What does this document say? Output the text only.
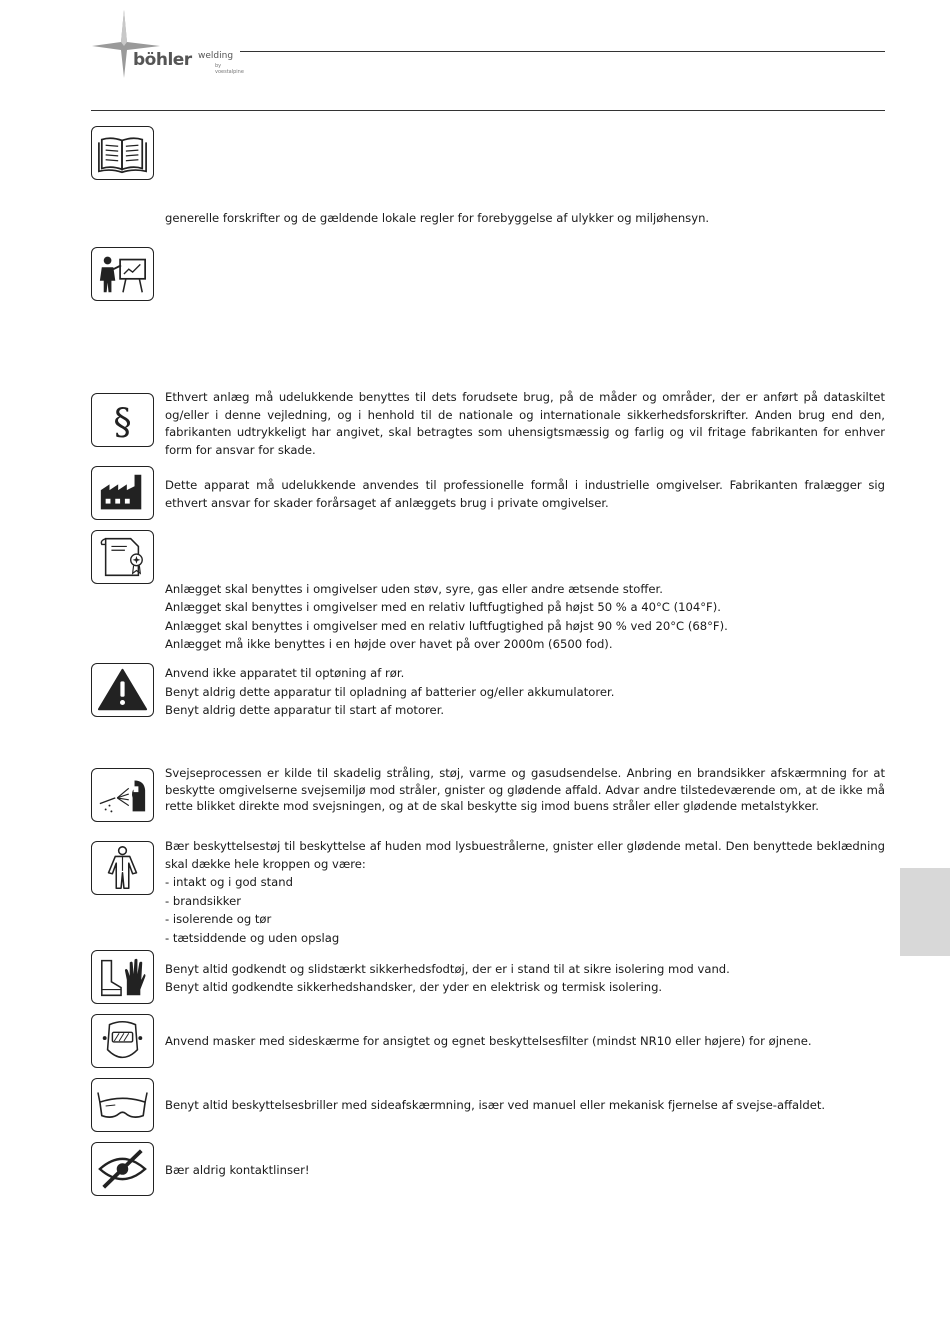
böhler welding
by voestalpine

generelle forskrifter og de gældende lokale regler for forebyggelse af ulykker og miljøhensyn.

§

Ethvert anlæg må udelukkende benyttes til dets forudsete brug, på de måder og områder, der er anført på dataskiltet og/eller i denne vejledning, og i henhold til de nationale og internationale sikkerhedsforskrifter. Anden brug end den, fabrikanten udtrykkeligt har angivet, skal betragtes som uhensigtsmæssig og farlig og vil fritage fabrikanten for enhver form for ansvar for skade.

Dette apparat må udelukkende anvendes til professionelle formål i industrielle omgivelser. Fabrikanten fralægger sig ethvert ansvar for skader forårsaget af anlæggets brug i private omgivelser.

Anlægget skal benyttes i omgivelser uden støv, syre, gas eller andre ætsende stoffer.

Anlægget skal benyttes i omgivelser med en relativ luftfugtighed på højst 50 % a 40°C (104°F).

Anlægget skal benyttes i omgivelser med en relativ luftfugtighed på højst 90 % ved 20°C (68°F).

Anlægget må ikke benyttes i en højde over havet på over 2000m (6500 fod).

Anvend ikke apparatet til optøning af rør.

Benyt aldrig dette apparatur til opladning af batterier og/eller akkumulatorer.

Benyt aldrig dette apparatur til start af motorer.

Svejseprocessen er kilde til skadelig stråling, støj, varme og gasudsendelse. Anbring en brandsikker afskærmning for at beskytte omgivelserne svejsemiljø mod stråler, gnister og glødende affald. Advar andre tilstedeværende om, at de ikke må rette blikket direkte mod svejsningen, og at de skal beskytte sig imod buens stråler eller glødende metalstykker.

Bær beskyttelsestøj til beskyttelse af huden mod lysbuestrålerne, gnister eller glødende metal. Den benyttede beklædning skal dække hele kroppen og være:

- intakt og i god stand

- brandsikker

- isolerende og tør

- tætsiddende og uden opslag

Benyt altid godkendt og slidstærkt sikkerhedsfodtøj, der er i stand til at sikre isolering mod vand.

Benyt altid godkendte sikkerhedshandsker, der yder en elektrisk og termisk isolering.

Anvend masker med sideskærme for ansigtet og egnet beskyttelsesfilter (mindst NR10 eller højere) for øjnene.

Benyt altid beskyttelsesbriller med sideafskærmning, især ved manuel eller mekanisk fjernelse af svejse-affaldet.

Bær aldrig kontaktlinser!
